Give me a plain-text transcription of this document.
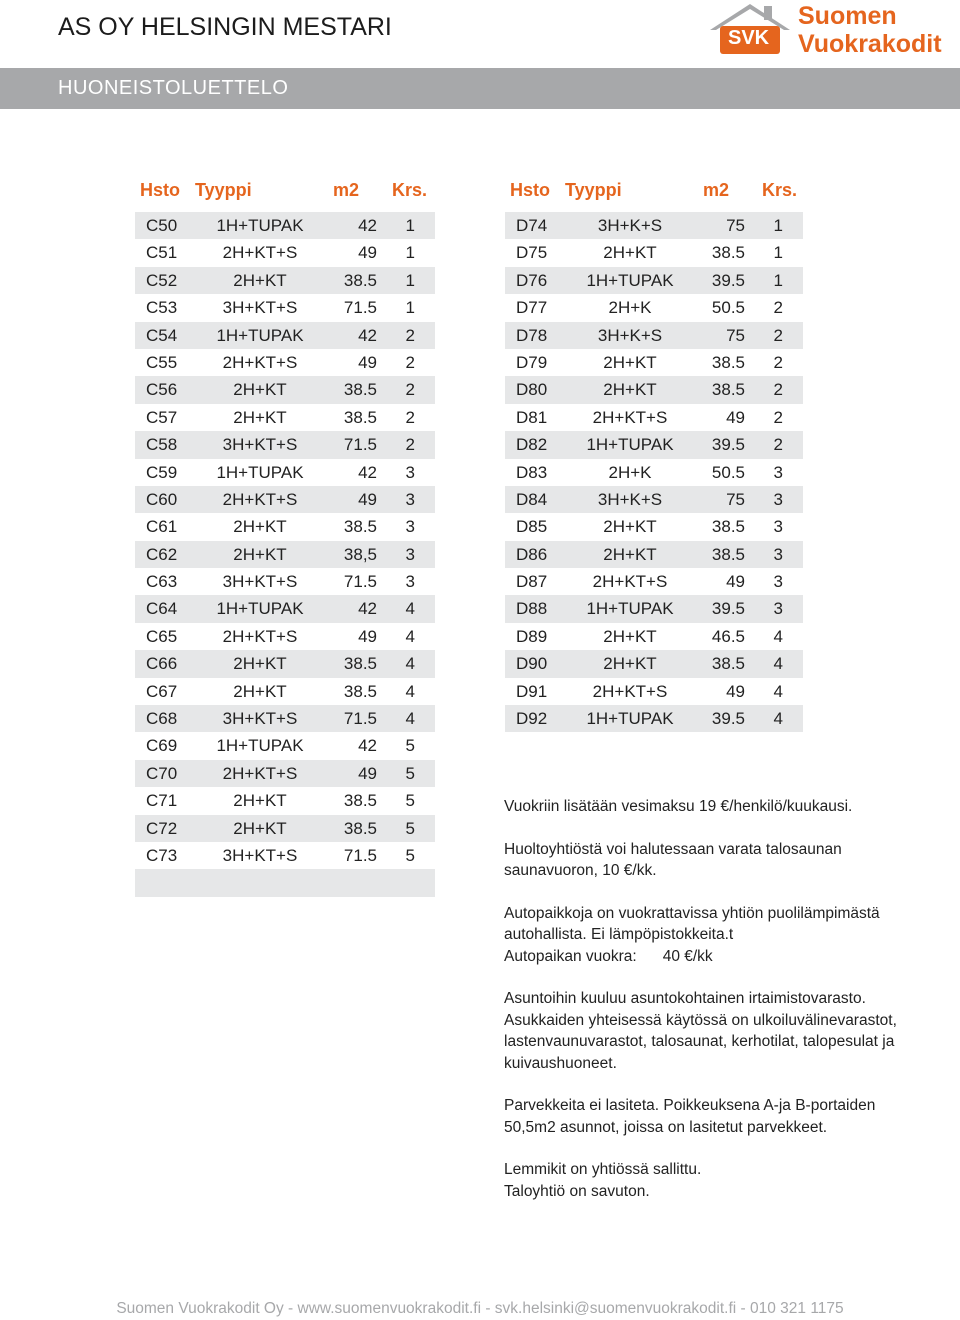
AS OY HELSINGIN MESTARI	SVK
Suomen
Vuokrakodit
HUONEISTOLUETTELO
Hsto Tyyppi	m2 Krs.	Hsto Tyyppi	m2 Krs.
C50	1H+TUPAK	42 1
C51	2H+KT+S	49 1
C52	2H+KT	38.5 1
C53	3H+KT+S	71.5 1
C54	1H+TUPAK	42 2
C55	2H+KT+S	49 2
C56	2H+KT	38.5 2
C57	2H+KT	38.5 2
C58	3H+KT+S	71.5 2
C59	1H+TUPAK	42 3
C60	2H+KT+S	49 3
C61	2H+KT	38.5 3
C62	2H+KT	38,5 3
C63	3H+KT+S	71.5 3
C64	1H+TUPAK	42 4
C65	2H+KT+S	49 4
C66	2H+KT	38.5 4
C67	2H+KT	38.5 4
C68	3H+KT+S	71.5 4
C69	1H+TUPAK	42 5
C70	2H+KT+S	49 5
C71	2H+KT	38.5 5
C72	2H+KT	38.5 5
C73	3H+KT+S	71.5 5
D74	3H+K+S	75 1
D75	2H+KT	38.5 1
D76	1H+TUPAK	39.5 1
D77	2H+K	50.5 2
D78	3H+K+S	75 2
D79	2H+KT	38.5 2
D80	2H+KT	38.5 2
D81	2H+KT+S	49 2
D82	1H+TUPAK	39.5 2
D83	2H+K	50.5 3
D84	3H+K+S	75 3
D85	2H+KT	38.5 3
D86	2H+KT	38.5 3
D87	2H+KT+S	49 3
D88	1H+TUPAK	39.5 3
D89	2H+KT	46.5 4
D90	2H+KT	38.5 4
D91	2H+KT+S	49 4
D92	1H+TUPAK	39.5 4

Vuokriin lisätään vesimaksu 19 €/henkilö/kuukausi.

Huoltoyhtiöstä voi halutessaan varata talosaunan saunavuoron, 10 €/kk.

Autopaikkoja on vuokrattavissa yhtiön puolilämpimästä autohallista. Ei lämpöpistokkeita.t
Autopaikan vuokra: 40 €/kk

Asuntoihin kuuluu asuntokohtainen irtaimistovarasto. Asukkaiden yhteisessä käytössä on ulkoiluvälinevarastot, lastenvaunuvarastot, talosaunat, kerhotilat, talopesulat ja kuivaushuoneet.

Parvekkeita ei lasiteta. Poikkeuksena A-ja B-portaiden 50,5m2 asunnot, joissa on lasitetut parvekkeet.

Lemmikit on yhtiössä sallittu.
Taloyhtiö on savuton.

Suomen Vuokrakodit Oy - www.suomenvuokrakodit.fi - svk.helsinki@suomenvuokrakodit.fi - 010 321 1175
